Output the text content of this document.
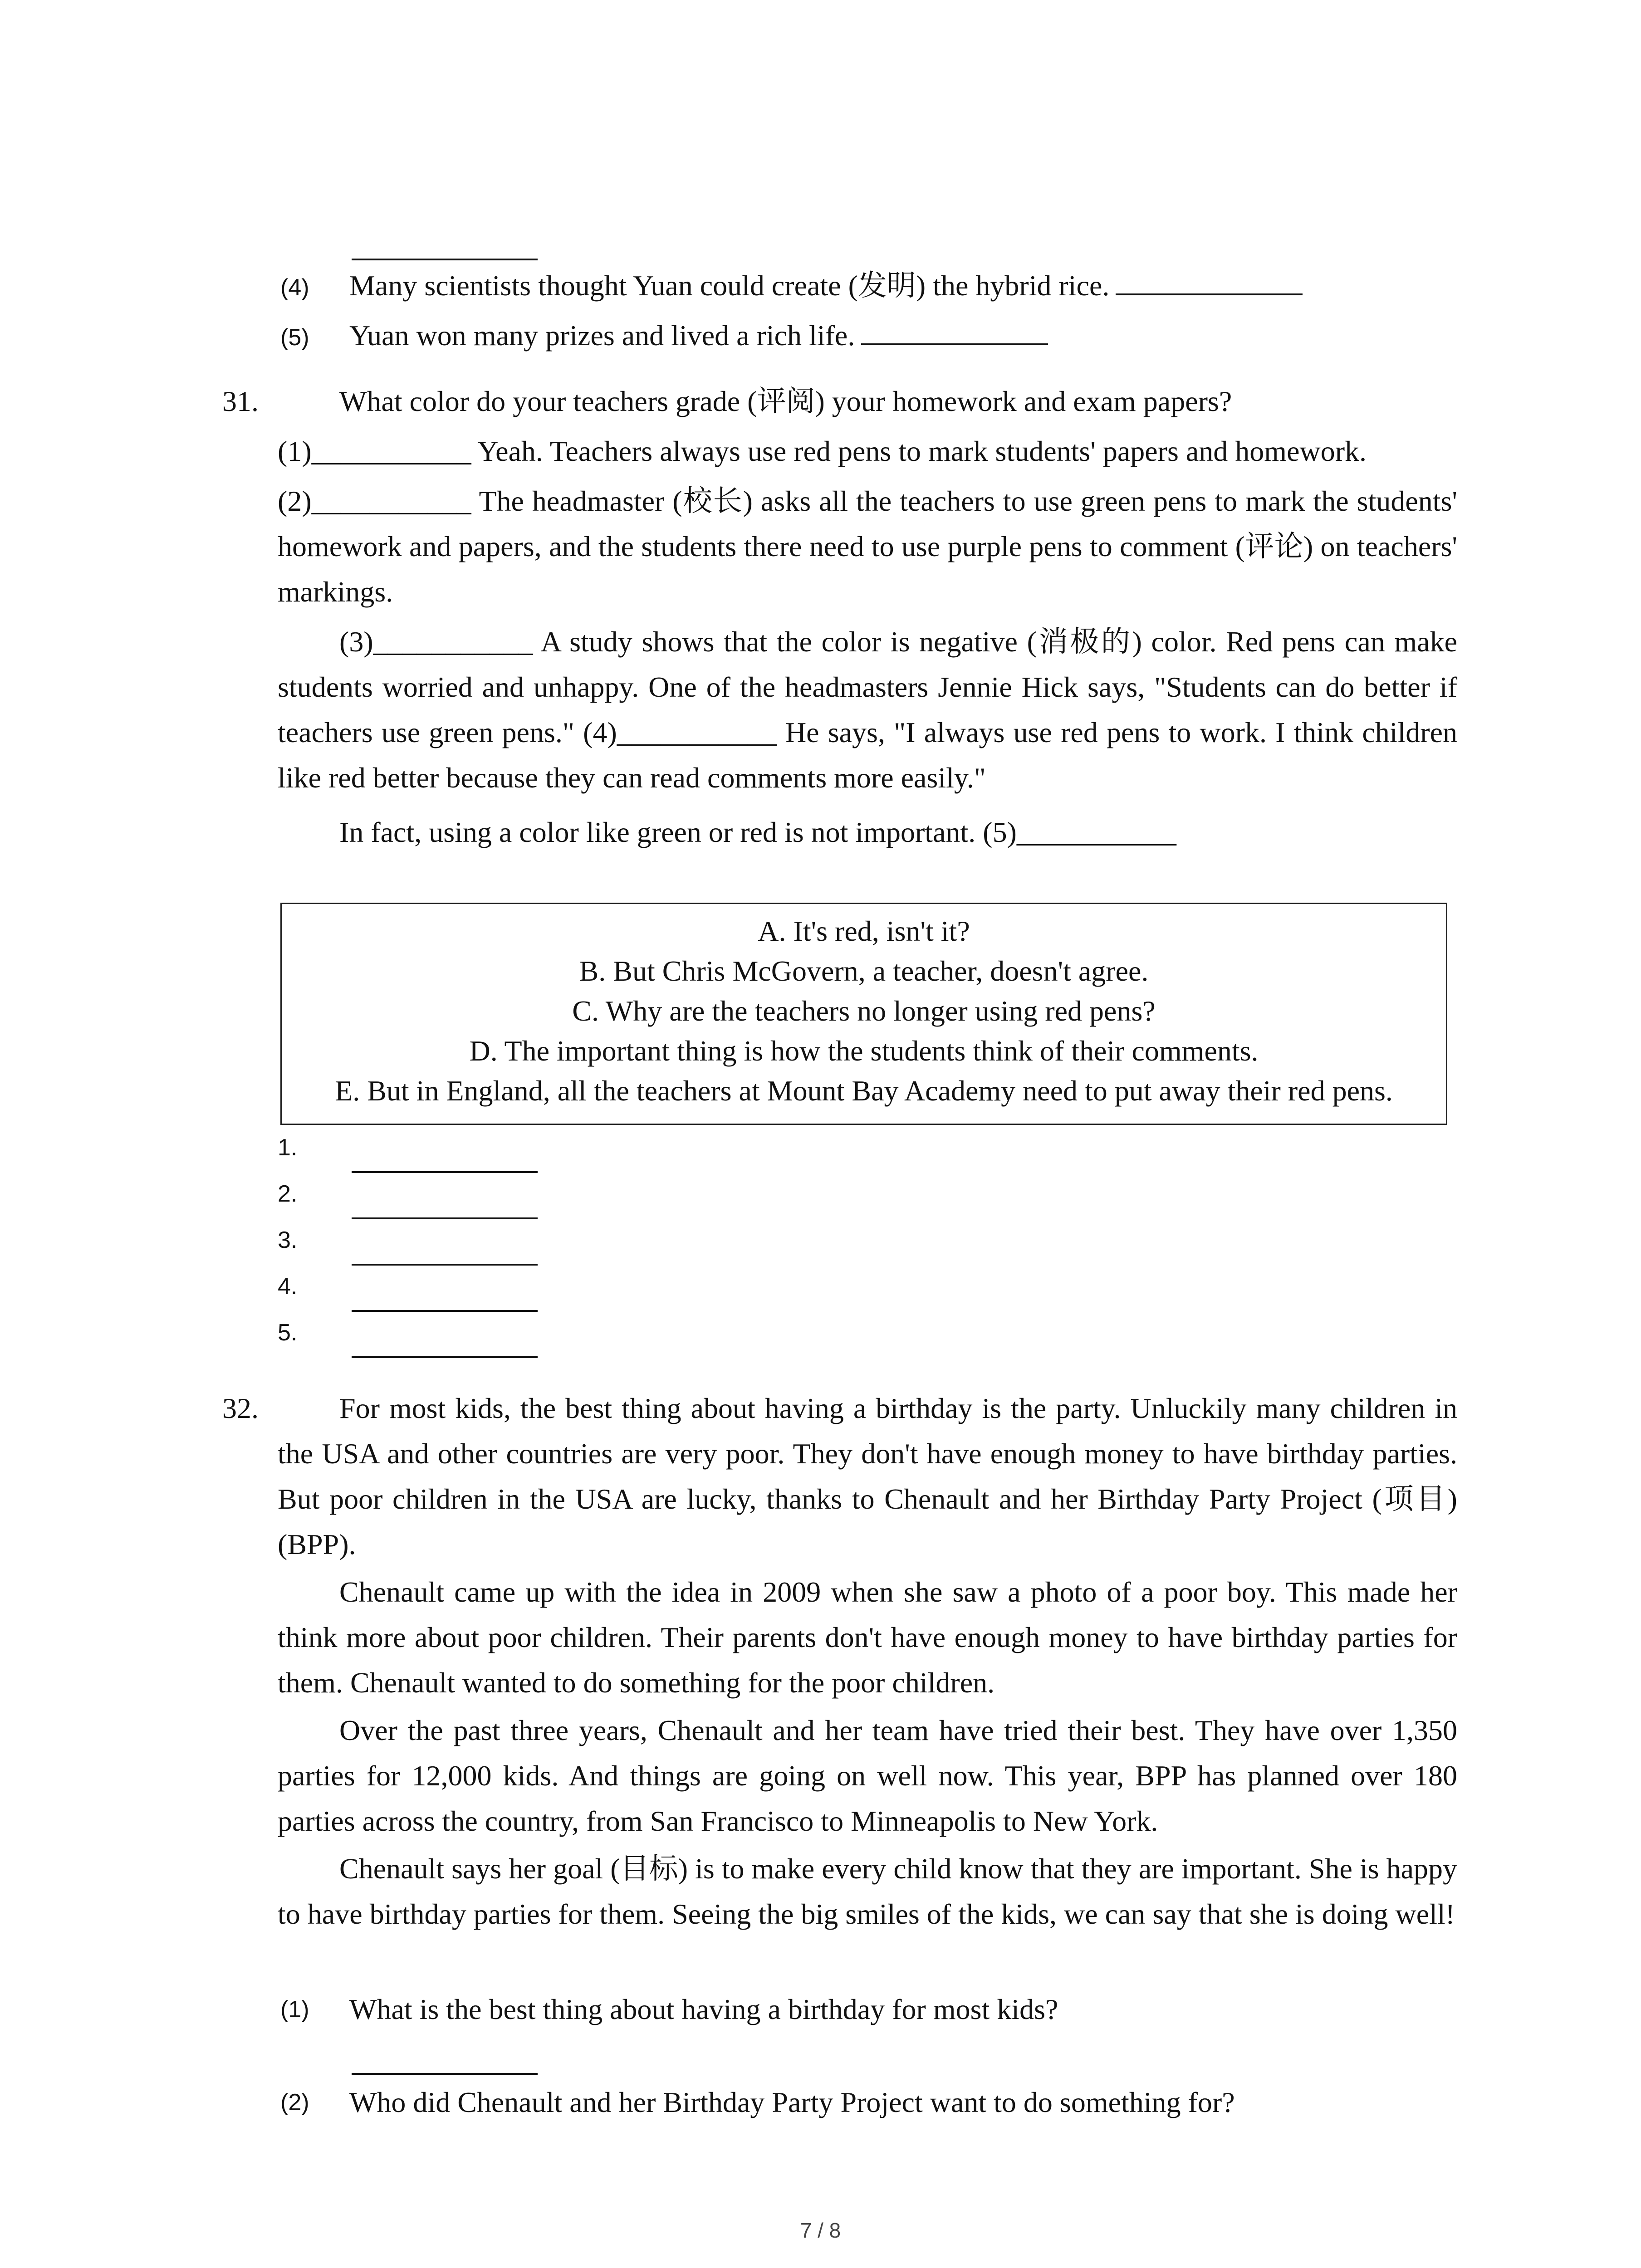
(4) Many scientists thought Yuan could create (发明) the hybrid rice.
(5) Yuan won many prizes and lived a rich life.
31.	What color do your teachers grade (评阅) your homework and exam papers?
(1)___________ Yeah. Teachers always use red pens to mark students' papers and homework.
(2)___________ The headmaster (校长) asks all the teachers to use green pens to mark the students' homework and papers, and the students there need to use purple pens to comment (评论) on teachers' markings.
(3)___________ A study shows that the color is negative (消极的) color. Red pens can make students worried and unhappy. One of the headmasters Jennie Hick says, "Students can do better if teachers use green pens." (4)___________ He says, "I always use red pens to work. I think children like red better because they can read comments more easily."
In fact, using a color like green or red is not important. (5)___________
A. It's red, isn't it?
B. But Chris McGovern, a teacher, doesn't agree.
C. Why are the teachers no longer using red pens?
D. The important thing is how the students think of their comments.
E. But in England, all the teachers at Mount Bay Academy need to put away their red pens.
1.
2.
3.
4.
5.
32.	For most kids, the best thing about having a birthday is the party. Unluckily many children in the USA and other countries are very poor. They don't have enough money to have birthday parties. But poor children in the USA are lucky, thanks to Chenault and her Birthday Party Project (项目) (BPP).
Chenault came up with the idea in 2009 when she saw a photo of a poor boy. This made her think more about poor children. Their parents don't have enough money to have birthday parties for them. Chenault wanted to do something for the poor children.
Over the past three years, Chenault and her team have tried their best. They have over 1,350 parties for 12,000 kids. And things are going on well now. This year, BPP has planned over 180 parties across the country, from San Francisco to Minneapolis to New York.
Chenault says her goal (目标) is to make every child know that they are important. She is happy to have birthday parties for them. Seeing the big smiles of the kids, we can say that she is doing well!
(1) What is the best thing about having a birthday for most kids?
(2) Who did Chenault and her Birthday Party Project want to do something for?
7 / 8
